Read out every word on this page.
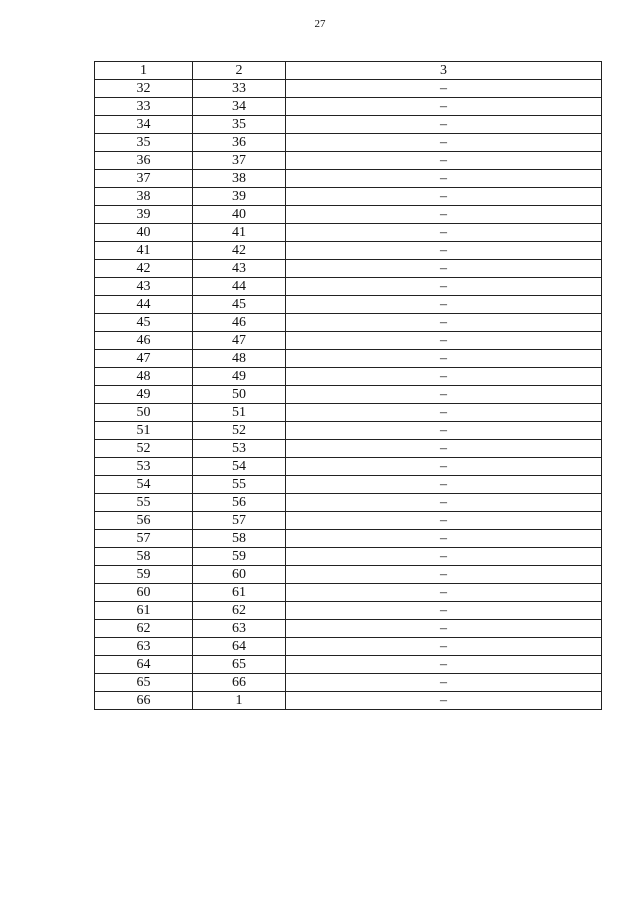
27
1	2	3
32	33	–
33	34	–
34	35	–
35	36	–
36	37	–
37	38	–
38	39	–
39	40	–
40	41	–
41	42	–
42	43	–
43	44	–
44	45	–
45	46	–
46	47	–
47	48	–
48	49	–
49	50	–
50	51	–
51	52	–
52	53	–
53	54	–
54	55	–
55	56	–
56	57	–
57	58	–
58	59	–
59	60	–
60	61	–
61	62	–
62	63	–
63	64	–
64	65	–
65	66	–
66	1	–
